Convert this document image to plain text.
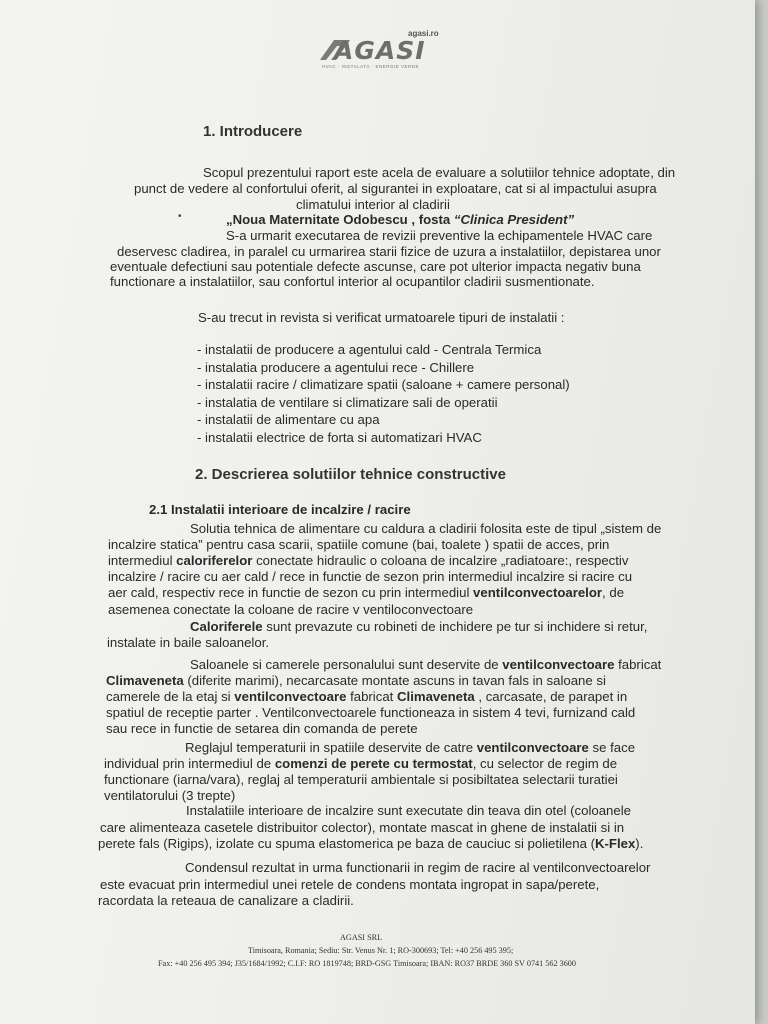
AGASI
agasi.ro
HVAC · INSTALATII · ENERGIE VERDE
1. Introducere
Scopul prezentului raport este acela de evaluare a solutiilor tehnice adoptate, din
punct de vedere al confortului oferit, al sigurantei in exploatare, cat si al impactului asupra
climatului interior al cladirii
„Noua Maternitate Odobescu , fosta “Clinica President”
•
S-a urmarit executarea de revizii preventive la echipamentele HVAC care
deservesc cladirea, in paralel cu urmarirea starii fizice de uzura a instalatiilor, depistarea unor
eventuale defectiuni sau potentiale defecte ascunse, care pot ulterior impacta negativ buna
functionare a instalatiilor, sau confortul interior al ocupantilor cladirii susmentionate.
S-au trecut in revista si verificat urmatoarele tipuri de instalatii :
- instalatii de producere a agentului cald - Centrala Termica
- instalatia producere a agentului rece - Chillere
- instalatii racire / climatizare spatii (saloane + camere personal)
- instalatia de ventilare si climatizare sali de operatii
- instalatii de alimentare cu apa
- instalatii electrice de forta si automatizari HVAC
2. Descrierea solutiilor tehnice constructive
2.1 Instalatii interioare de incalzire / racire
Solutia tehnica de alimentare cu caldura a cladirii folosita este de tipul „sistem de
incalzire statica” pentru casa scarii, spatiile comune (bai, toalete ) spatii de acces, prin
intermediul caloriferelor conectate hidraulic o coloana de incalzire „radiatoare:, respectiv
incalzire / racire cu aer cald / rece in functie de sezon prin intermediul incalzire si racire cu
aer cald, respectiv rece in functie de sezon cu prin intermediul ventilconvectoarelor, de
asemenea conectate la coloane de racire v ventiloconvectoare
Caloriferele sunt prevazute cu robineti de inchidere pe tur si inchidere si retur,
instalate in baile saloanelor.
Saloanele si camerele personalului sunt deservite de ventilconvectoare fabricat
Climaveneta (diferite marimi), necarcasate montate ascuns in tavan fals in saloane si
camerele de la etaj si ventilconvectoare fabricat Climaveneta , carcasate, de parapet in
spatiul de receptie parter . Ventilconvectoarele functioneaza in sistem 4 tevi, furnizand cald
sau rece in functie de setarea din comanda de perete
Reglajul temperaturii in spatiile deservite de catre ventilconvectoare se face
individual prin intermediul de comenzi de perete cu termostat, cu selector de regim de
functionare (iarna/vara), reglaj al temperaturii ambientale si posibiltatea selectarii turatiei
ventilatorului (3 trepte)
Instalatiile interioare de incalzire sunt executate din teava din otel (coloanele
care alimenteaza casetele distribuitor colector), montate mascat in ghene de instalatii si in
perete fals (Rigips), izolate cu spuma elastomerica pe baza de cauciuc si polietilena (K-Flex).
Condensul rezultat in urma functionarii in regim de racire al ventilconvectoarelor
este evacuat prin intermediul unei retele de condens montata ingropat in sapa/perete,
racordata la reteaua de canalizare a cladirii.
AGASI SRL
Timisoara, Romania; Sediu: Str. Venus Nr. 1; RO-300693; Tel: +40 256 495 395;
Fax: +40 256 495 394; J35/1684/1992; C.I.F: RO 1819748; BRD-GSG Timisoara; IBAN: RO37 BRDE 360 SV 0741 562 3600
